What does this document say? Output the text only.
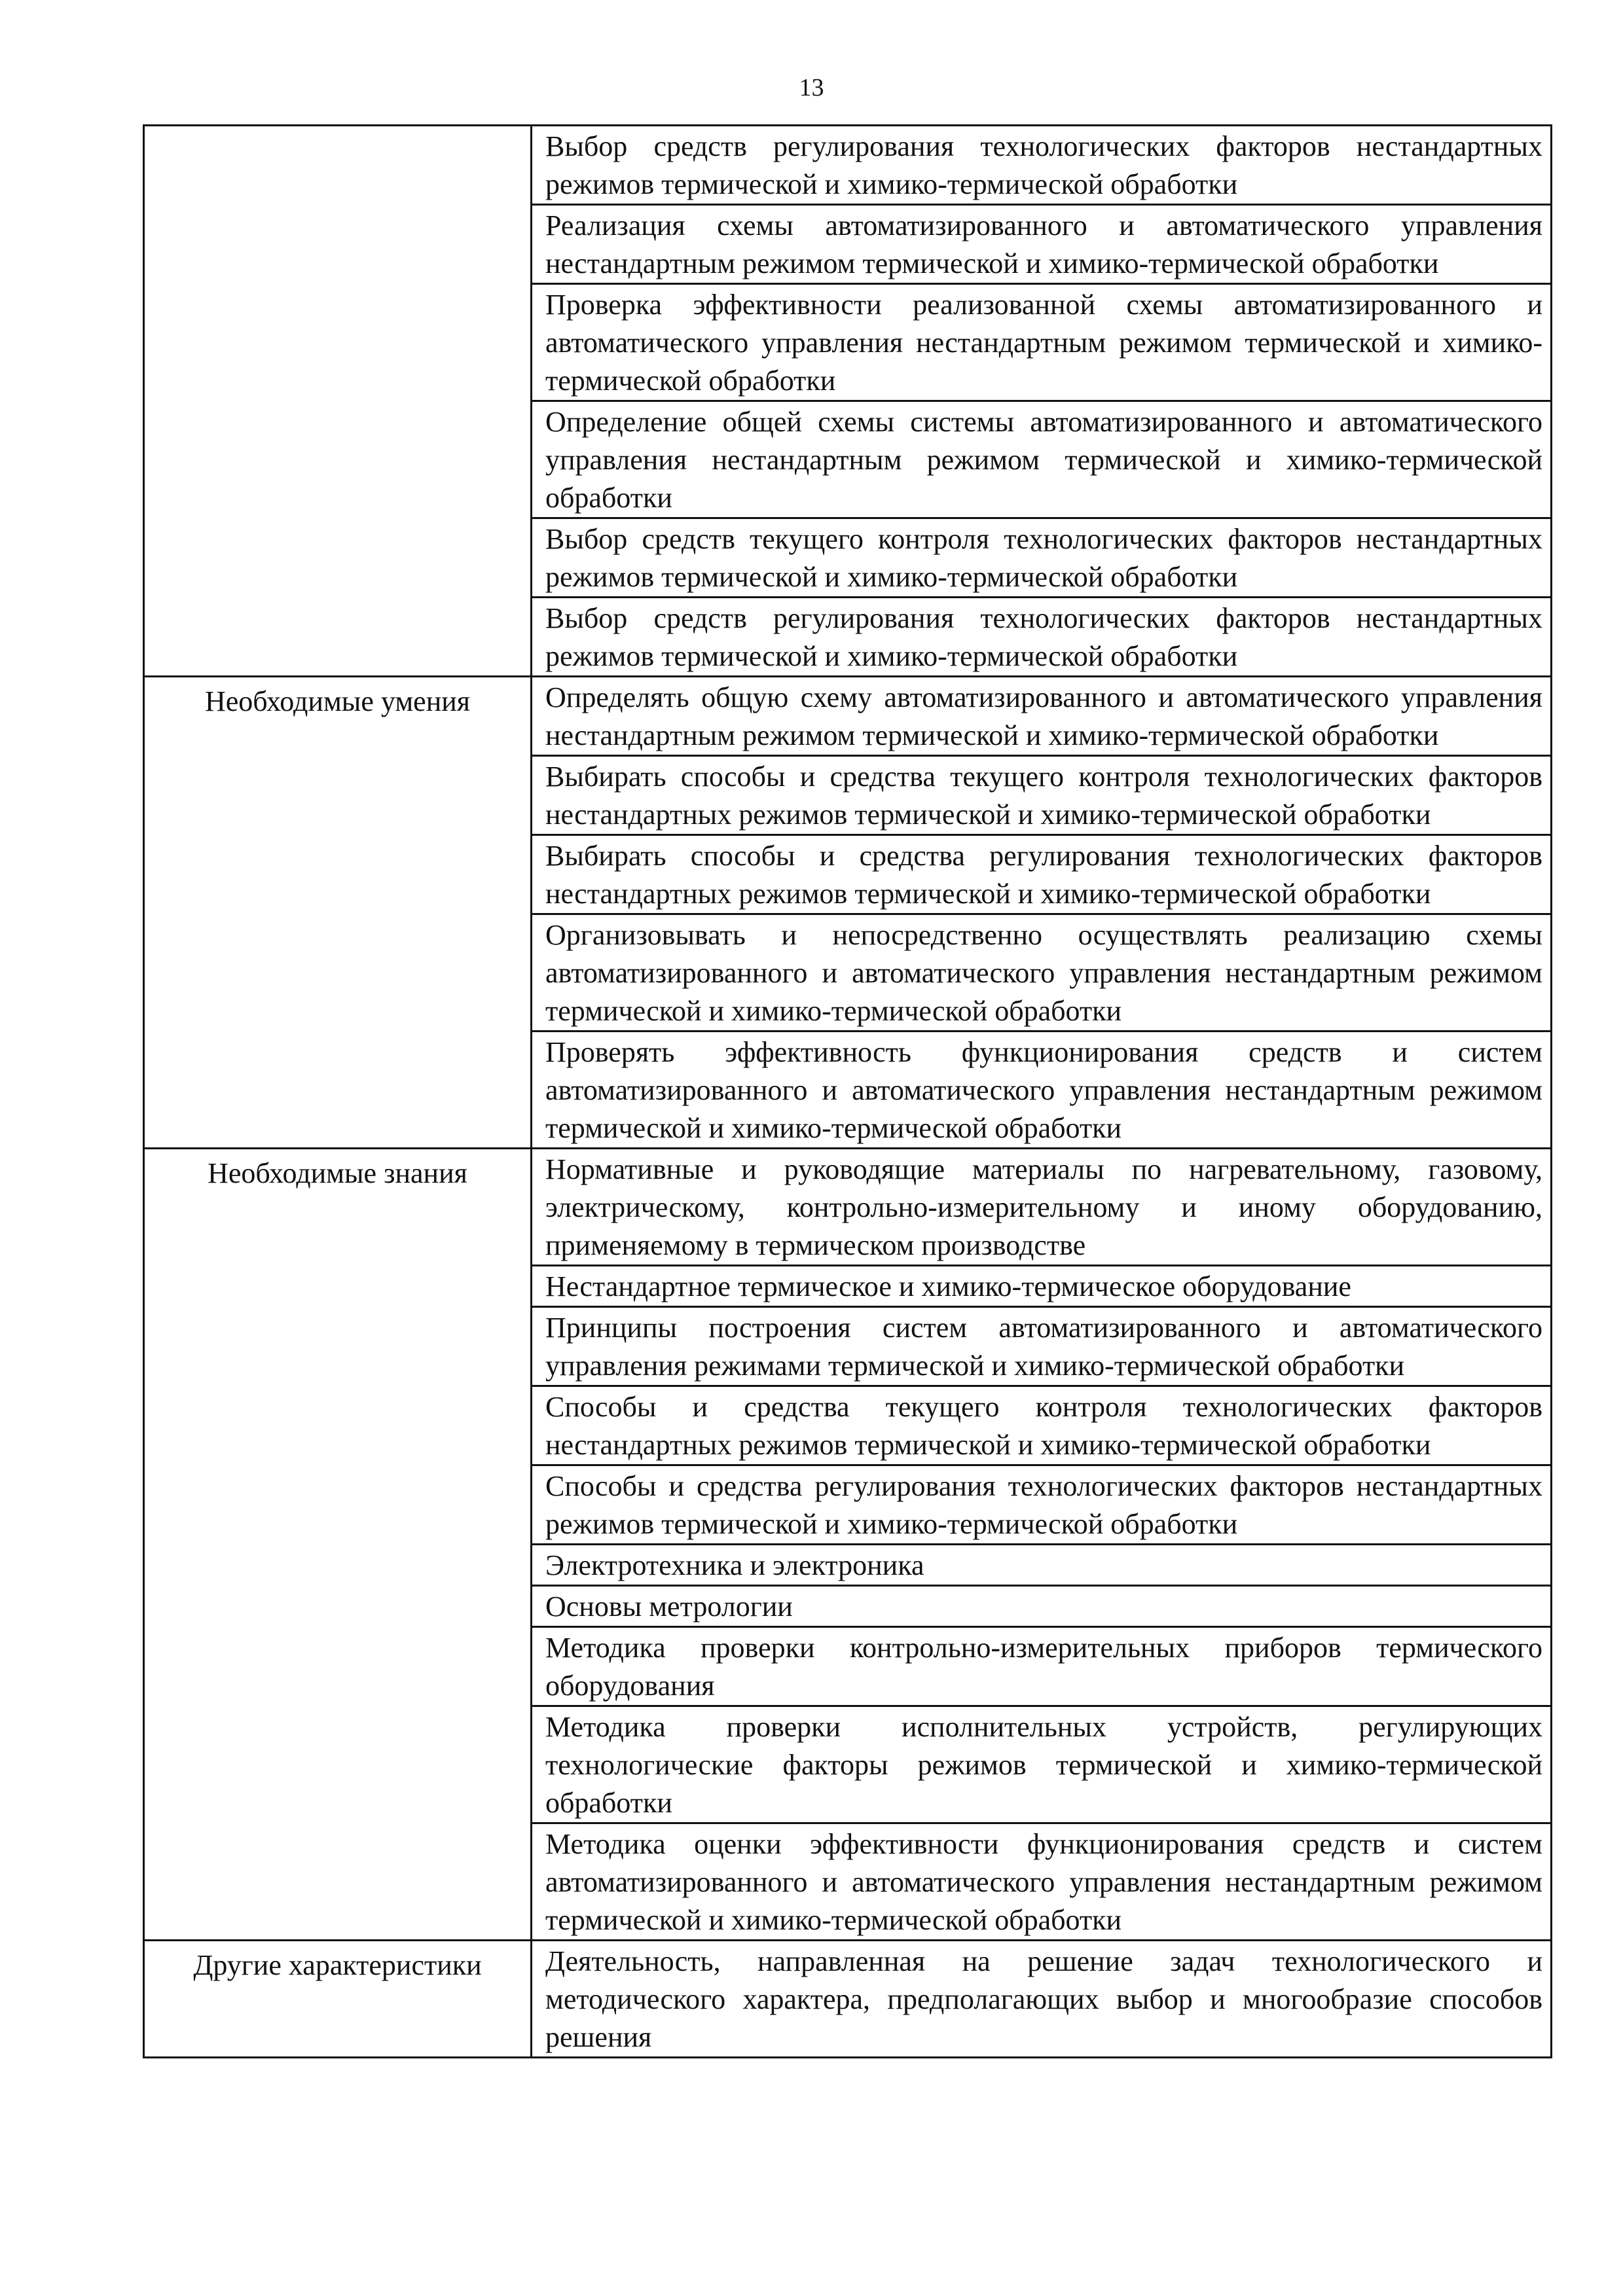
13
	Выбор средств регулирования технологических факторов нестандартных режимов термической и химико-термической обработки
	Реализация схемы автоматизированного и автоматического управления нестандартным режимом термической и химико-термической обработки
	Проверка эффективности реализованной схемы автоматизированного и автоматического управления нестандартным режимом термической и химико-термической обработки
	Определение общей схемы системы автоматизированного и автоматического управления нестандартным режимом термической и химико-термической обработки
	Выбор средств текущего контроля технологических факторов нестандартных режимов термической и химико-термической обработки
	Выбор средств регулирования технологических факторов нестандартных режимов термической и химико-термической обработки
Необходимые умения	Определять общую схему автоматизированного и автоматического управления нестандартным режимом термической и химико-термической обработки
	Выбирать способы и средства текущего контроля технологических факторов нестандартных режимов термической и химико-термической обработки
	Выбирать способы и средства регулирования технологических факторов нестандартных режимов термической и химико-термической обработки
	Организовывать и непосредственно осуществлять реализацию схемы автоматизированного и автоматического управления нестандартным режимом термической и химико-термической обработки
	Проверять эффективность функционирования средств и систем автоматизированного и автоматического управления нестандартным режимом термической и химико-термической обработки
Необходимые знания	Нормативные и руководящие материалы по нагревательному, газовому, электрическому, контрольно-измерительному и иному оборудованию, применяемому в термическом производстве
	Нестандартное термическое и химико-термическое оборудование
	Принципы построения систем автоматизированного и автоматического управления режимами термической и химико-термической обработки
	Способы и средства текущего контроля технологических факторов нестандартных режимов термической и химико-термической обработки
	Способы и средства регулирования технологических факторов нестандартных режимов термической и химико-термической обработки
	Электротехника и электроника
	Основы метрологии
	Методика проверки контрольно-измерительных приборов термического оборудования
	Методика проверки исполнительных устройств, регулирующих технологические факторы режимов термической и химико-термической обработки
	Методика оценки эффективности функционирования средств и систем автоматизированного и автоматического управления нестандартным режимом термической и химико-термической обработки
Другие характеристики	Деятельность, направленная на решение задач технологического и методического характера, предполагающих выбор и многообразие способов решения
